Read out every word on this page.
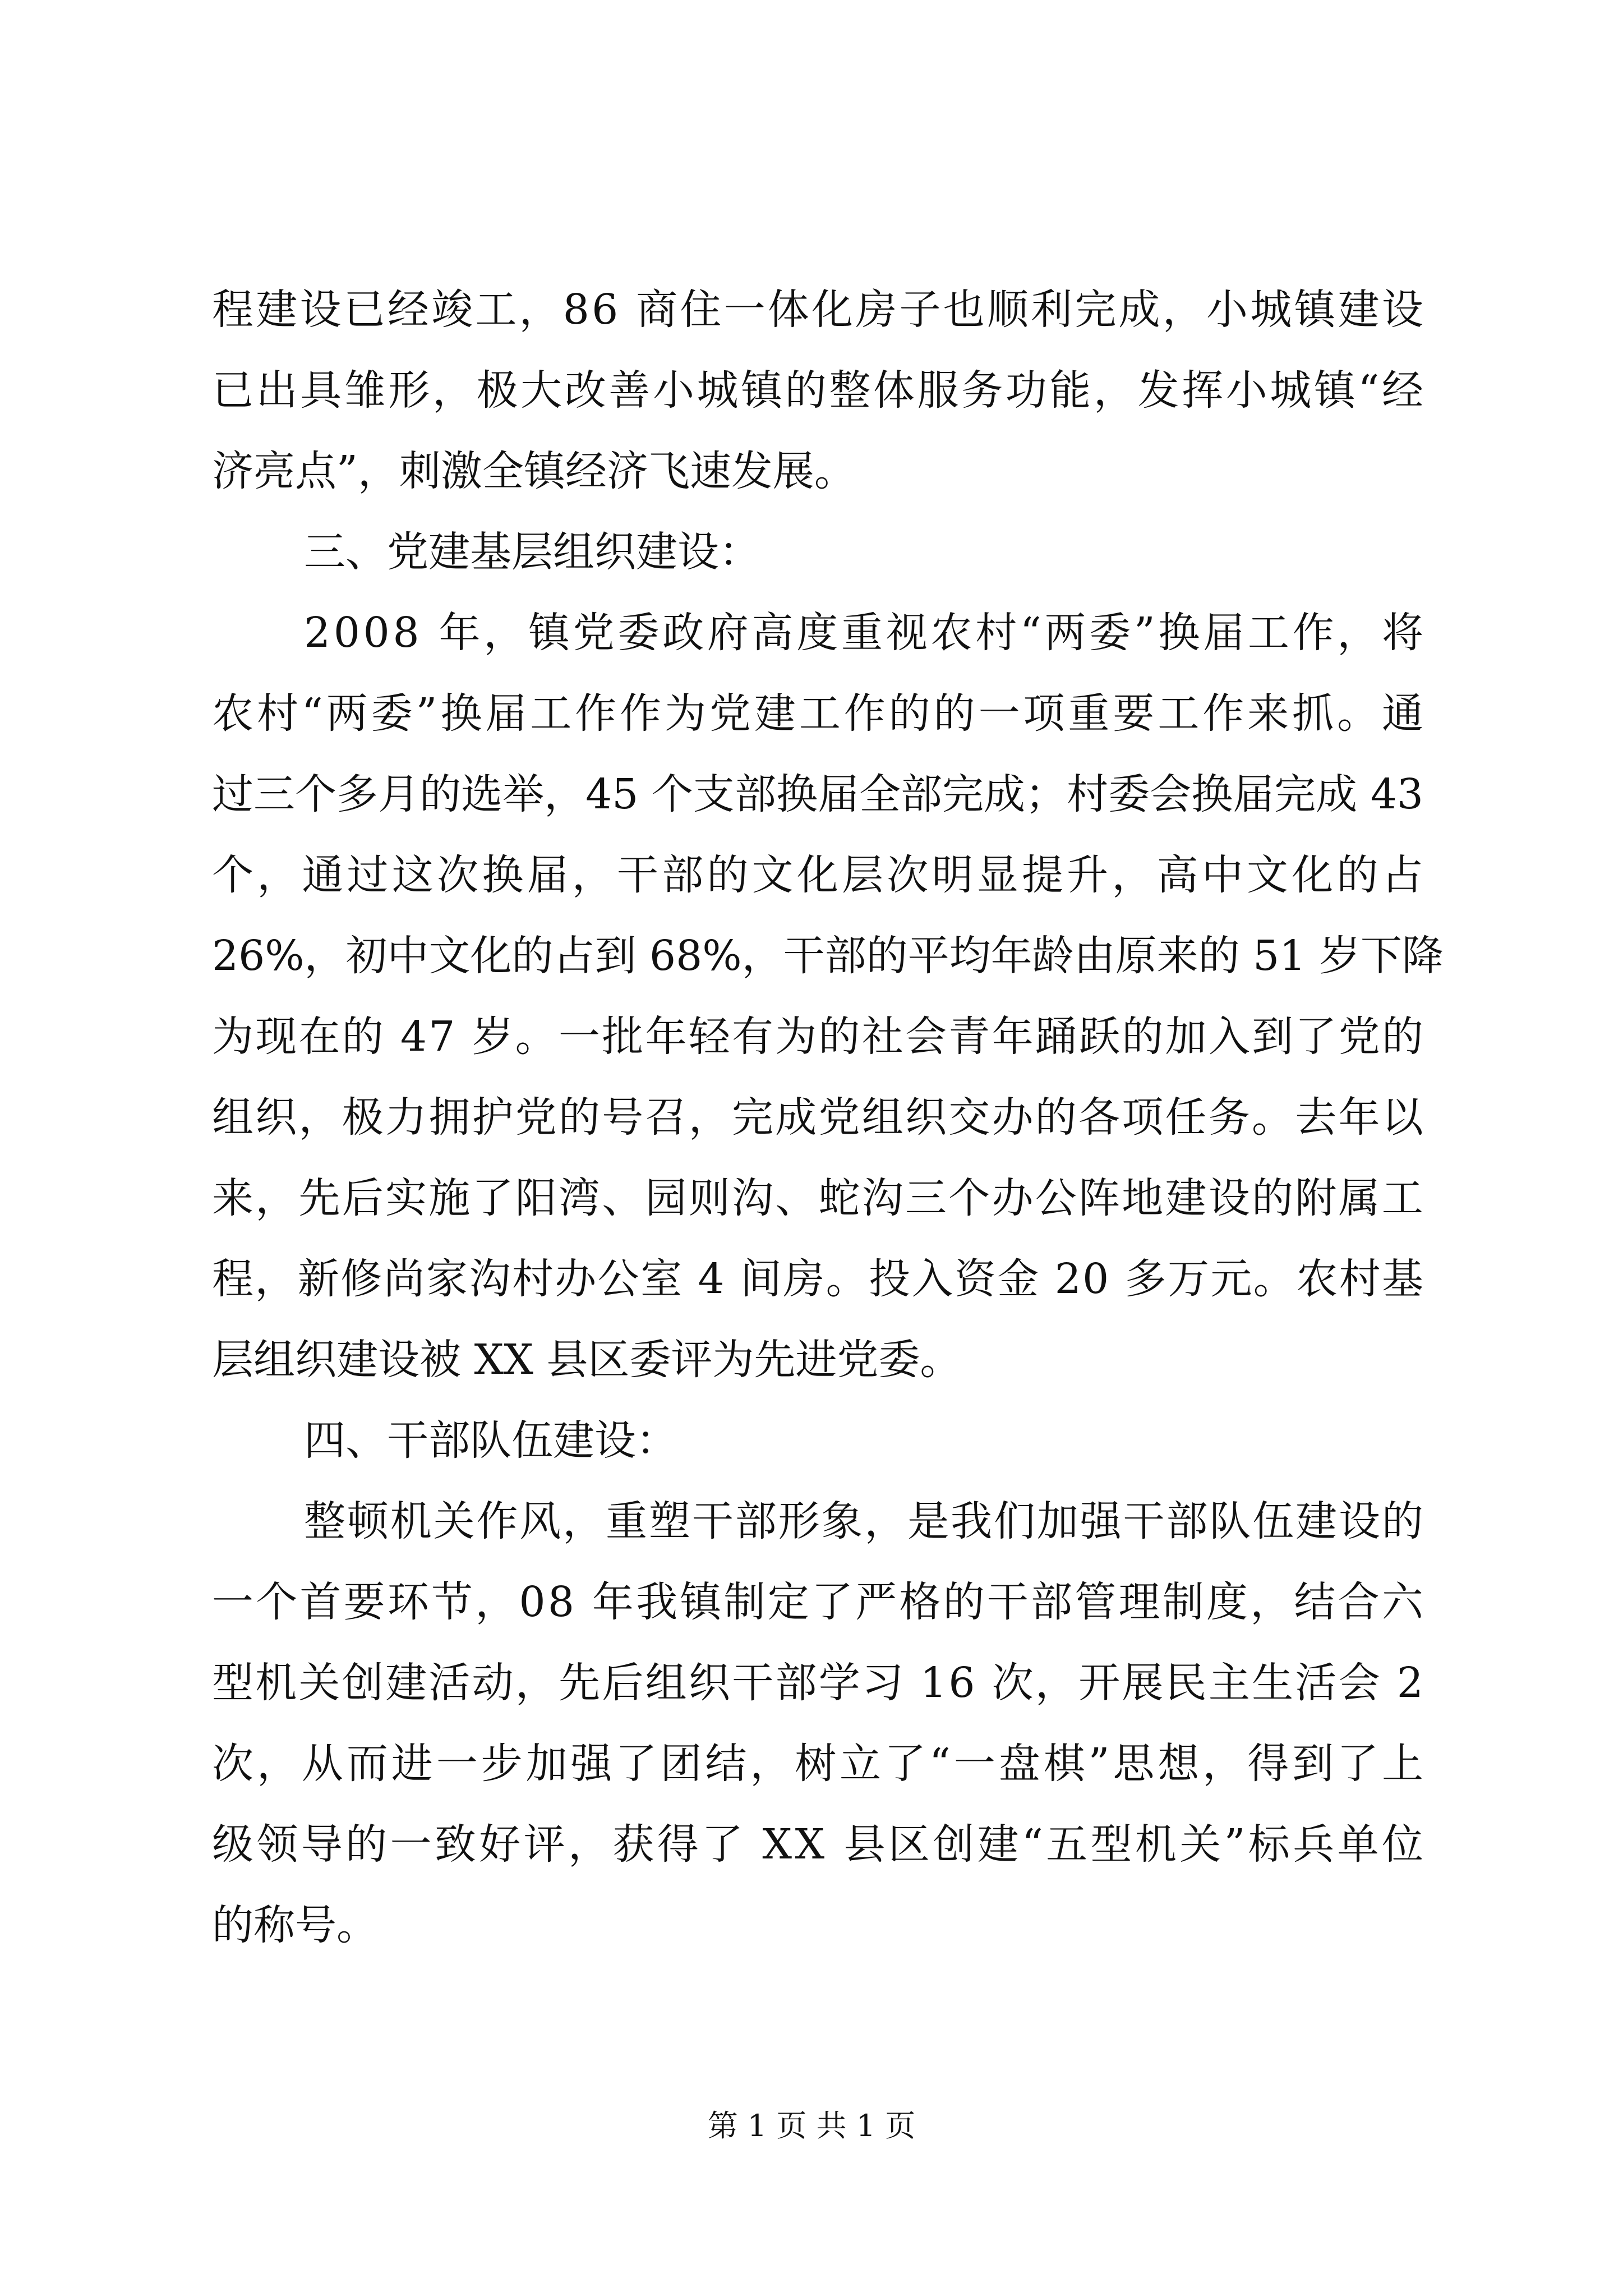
程 建 设 已 经 竣 工 ， 8 6
商 住 一 体 化 房 子 也 顺 利 完 成 ， 小 城 镇 建 设
已 出 具 雏 形 ， 极 大 改 善 小 城 镇 的 整 体 服 务 功 能 ， 发 挥 小 城 镇 “ 经
济亮点”，刺激全镇经济飞速发展。
三、党建基层组织建设：
2 0 0 8
年 ， 镇 党 委 政 府 高 度 重 视 农 村 “ 两 委 ” 换 届 工 作 ， 将
农 村 “ 两 委 ” 换 届 工 作 作 为 党 建 工 作 的 的 一 项 重 要 工 作 来 抓 。 通
过 三 个 多 月 的 选 举 ， 4 5
个 支 部 换 届 全 部 完 成 ； 村 委 会 换 届 完 成
4 3
个 ， 通 过 这 次 换 届 ， 干 部 的 文 化 层 次 明 显 提 升 ， 高 中 文 化 的 占
2 6 % ， 初 中 文 化 的 占 到
6 8 % ， 干 部 的 平 均 年 龄 由 原 来 的
5 1
岁 下 降
为 现 在 的
4 7
岁 。 一 批 年 轻 有 为 的 社 会 青 年 踊 跃 的 加 入 到 了 党 的
组 织 ， 极 力 拥 护 党 的 号 召 ， 完 成 党 组 织 交 办 的 各 项 任 务 。 去 年 以
来 ， 先 后 实 施 了 阳 湾 、 园 则 沟 、 蛇 沟 三 个 办 公 阵 地 建 设 的 附 属 工
程 ， 新 修 尚 家 沟 村 办 公 室
4
间 房 。 投 入 资 金
2 0
多 万 元 。 农 村 基
层组织建设被 XX 县区委评为先进党委。
四、干部队伍建设：
整 顿 机 关 作 风 ， 重 塑 干 部 形 象 ， 是 我 们 加 强 干 部 队 伍 建 设 的
一 个 首 要 环 节 ， 0 8
年 我 镇 制 定 了 严 格 的 干 部 管 理 制 度 ， 结 合 六
型 机 关 创 建 活 动 ， 先 后 组 织 干 部 学 习
1 6
次 ， 开 展 民 主 生 活 会
2
次 ， 从 而 进 一 步 加 强 了 团 结 ， 树 立 了 “ 一 盘 棋 ” 思 想 ， 得 到 了 上
级 领 导 的 一 致 好 评 ， 获 得 了
X X
县 区 创 建 “ 五 型 机 关 ” 标 兵 单 位
的称号。
第 1 页 共 1 页
